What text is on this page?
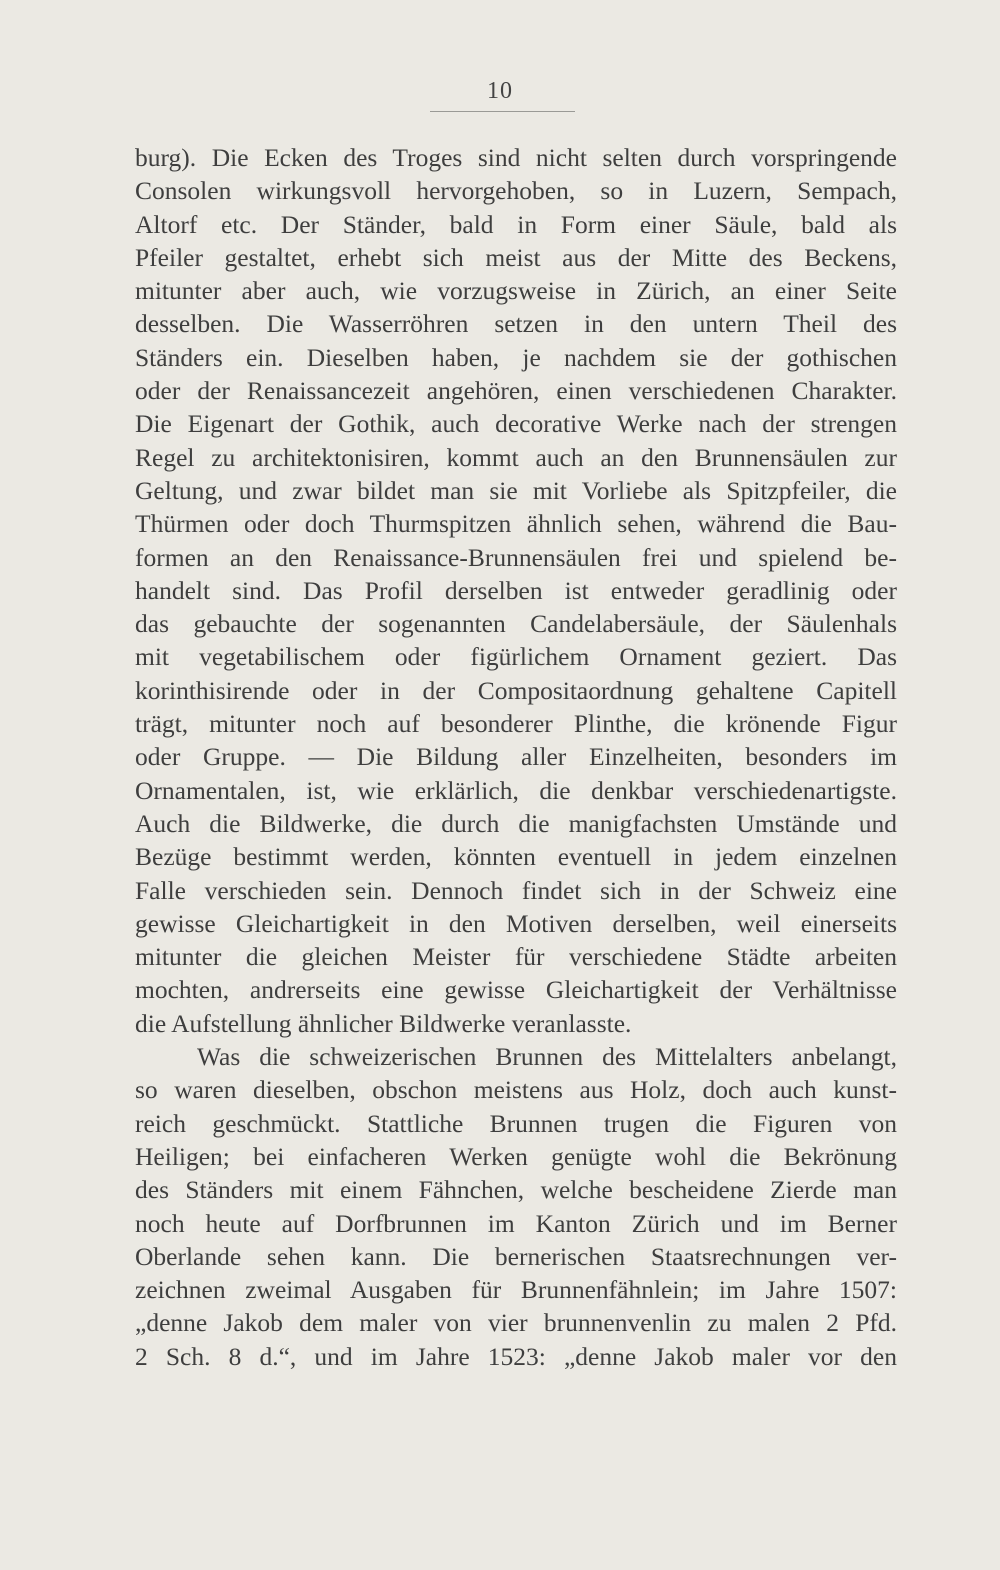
10
burg). Die Ecken des Troges sind nicht selten durch vorspringende
Consolen wirkungsvoll hervorgehoben, so in Luzern, Sempach,
Altorf etc. Der Ständer, bald in Form einer Säule, bald als
Pfeiler gestaltet, erhebt sich meist aus der Mitte des Beckens,
mitunter aber auch, wie vorzugsweise in Zürich, an einer Seite
desselben. Die Wasserröhren setzen in den untern Theil des
Ständers ein. Dieselben haben, je nachdem sie der gothischen
oder der Renaissancezeit angehören, einen verschiedenen Charakter.
Die Eigenart der Gothik, auch decorative Werke nach der strengen
Regel zu architektonisiren, kommt auch an den Brunnensäulen zur
Geltung, und zwar bildet man sie mit Vorliebe als Spitzpfeiler, die
Thürmen oder doch Thurmspitzen ähnlich sehen, während die Bau-
formen an den Renaissance-Brunnensäulen frei und spielend be-
handelt sind. Das Profil derselben ist entweder geradlinig oder
das gebauchte der sogenannten Candelabersäule, der Säulenhals
mit vegetabilischem oder figürlichem Ornament geziert. Das
korinthisirende oder in der Compositaordnung gehaltene Capitell
trägt, mitunter noch auf besonderer Plinthe, die krönende Figur
oder Gruppe. — Die Bildung aller Einzelheiten, besonders im
Ornamentalen, ist, wie erklärlich, die denkbar verschiedenartigste.
Auch die Bildwerke, die durch die manigfachsten Umstände und
Bezüge bestimmt werden, könnten eventuell in jedem einzelnen
Falle verschieden sein. Dennoch findet sich in der Schweiz eine
gewisse Gleichartigkeit in den Motiven derselben, weil einerseits
mitunter die gleichen Meister für verschiedene Städte arbeiten
mochten, andrerseits eine gewisse Gleichartigkeit der Verhältnisse
die Aufstellung ähnlicher Bildwerke veranlasste.
Was die schweizerischen Brunnen des Mittelalters anbelangt,
so waren dieselben, obschon meistens aus Holz, doch auch kunst-
reich geschmückt. Stattliche Brunnen trugen die Figuren von
Heiligen; bei einfacheren Werken genügte wohl die Bekrönung
des Ständers mit einem Fähnchen, welche bescheidene Zierde man
noch heute auf Dorfbrunnen im Kanton Zürich und im Berner
Oberlande sehen kann. Die bernerischen Staatsrechnungen ver-
zeichnen zweimal Ausgaben für Brunnenfähnlein; im Jahre 1507:
„denne Jakob dem maler von vier brunnenvenlin zu malen 2 Pfd.
2 Sch. 8 d.“, und im Jahre 1523: „denne Jakob maler vor den
